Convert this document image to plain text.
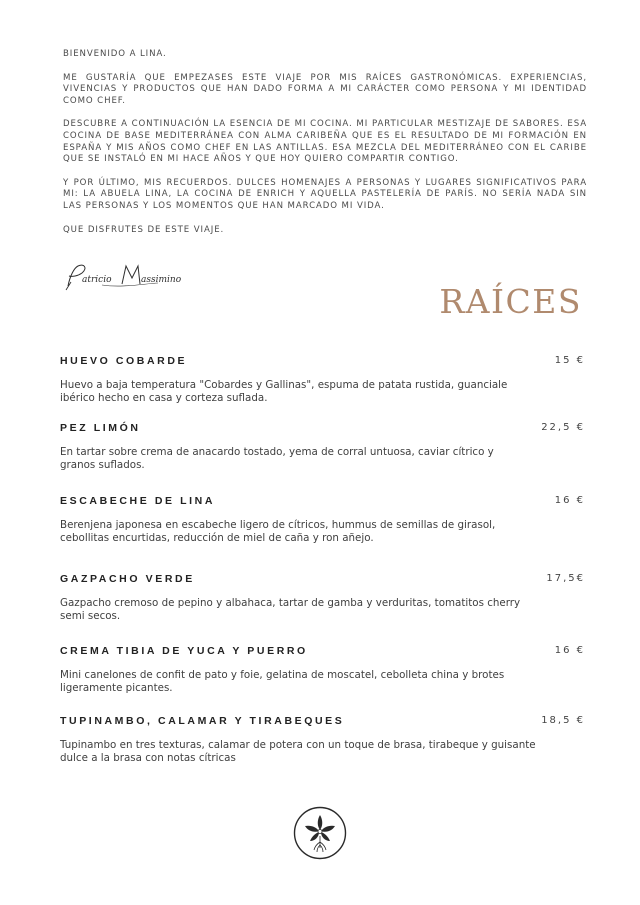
BIENVENIDO A LINA.

ME GUSTARÍA QUE EMPEZASES ESTE VIAJE POR MIS RAÍCES GASTRONÓMICAS. EXPERIENCIAS, VIVENCIAS Y PRODUCTOS QUE HAN DADO FORMA A MI CARÁCTER COMO PERSONA Y MI IDENTIDAD COMO CHEF.

DESCUBRE A CONTINUACIÓN LA ESENCIA DE MI COCINA. MI PARTICULAR MESTIZAJE DE SABORES. ESA COCINA DE BASE MEDITERRÁNEA CON ALMA CARIBEÑA QUE ES EL RESULTADO DE MI FORMACIÓN EN ESPAÑA Y MIS AÑOS COMO CHEF EN LAS ANTILLAS. ESA MEZCLA DEL MEDITERRÁNEO CON EL CARIBE QUE SE INSTALÓ EN MI HACE AÑOS Y QUE HOY QUIERO COMPARTIR CONTIGO.

Y POR ÚLTIMO, MIS RECUERDOS. DULCES HOMENAJES A PERSONAS Y LUGARES SIGNIFICATIVOS PARA MI: LA ABUELA LINA, LA COCINA DE ENRICH Y AQUELLA PASTELERÍA DE PARÍS. NO SERÍA NADA SIN LAS PERSONAS Y LOS MOMENTOS QUE HAN MARCADO MI VIDA.

QUE DISFRUTES DE ESTE VIAJE.

atricio	assimino
RAÍCES
HUEVO COBARDE	15 €
Huevo a baja temperatura "Cobardes y Gallinas", espuma de patata rustida, guanciale ibérico hecho en casa y corteza suflada.
PEZ LIMÓN	22,5 €
En tartar sobre crema de anacardo tostado, yema de corral untuosa, caviar cítrico y granos suflados.
ESCABECHE DE LINA	16 €
Berenjena japonesa en escabeche ligero de cítricos, hummus de semillas de girasol, cebollitas encurtidas, reducción de miel de caña y ron añejo.
GAZPACHO VERDE	17,5€
Gazpacho cremoso de pepino y albahaca, tartar de gamba y verduritas, tomatitos cherry semi secos.
CREMA TIBIA DE YUCA Y PUERRO	16 €
Mini canelones de confit de pato y foie, gelatina de moscatel, cebolleta china y brotes ligeramente picantes.
TUPINAMBO, CALAMAR Y TIRABEQUES	18,5 €
Tupinambo en tres texturas, calamar de potera con un toque de brasa, tirabeque y guisante dulce a la brasa con notas cítricas
